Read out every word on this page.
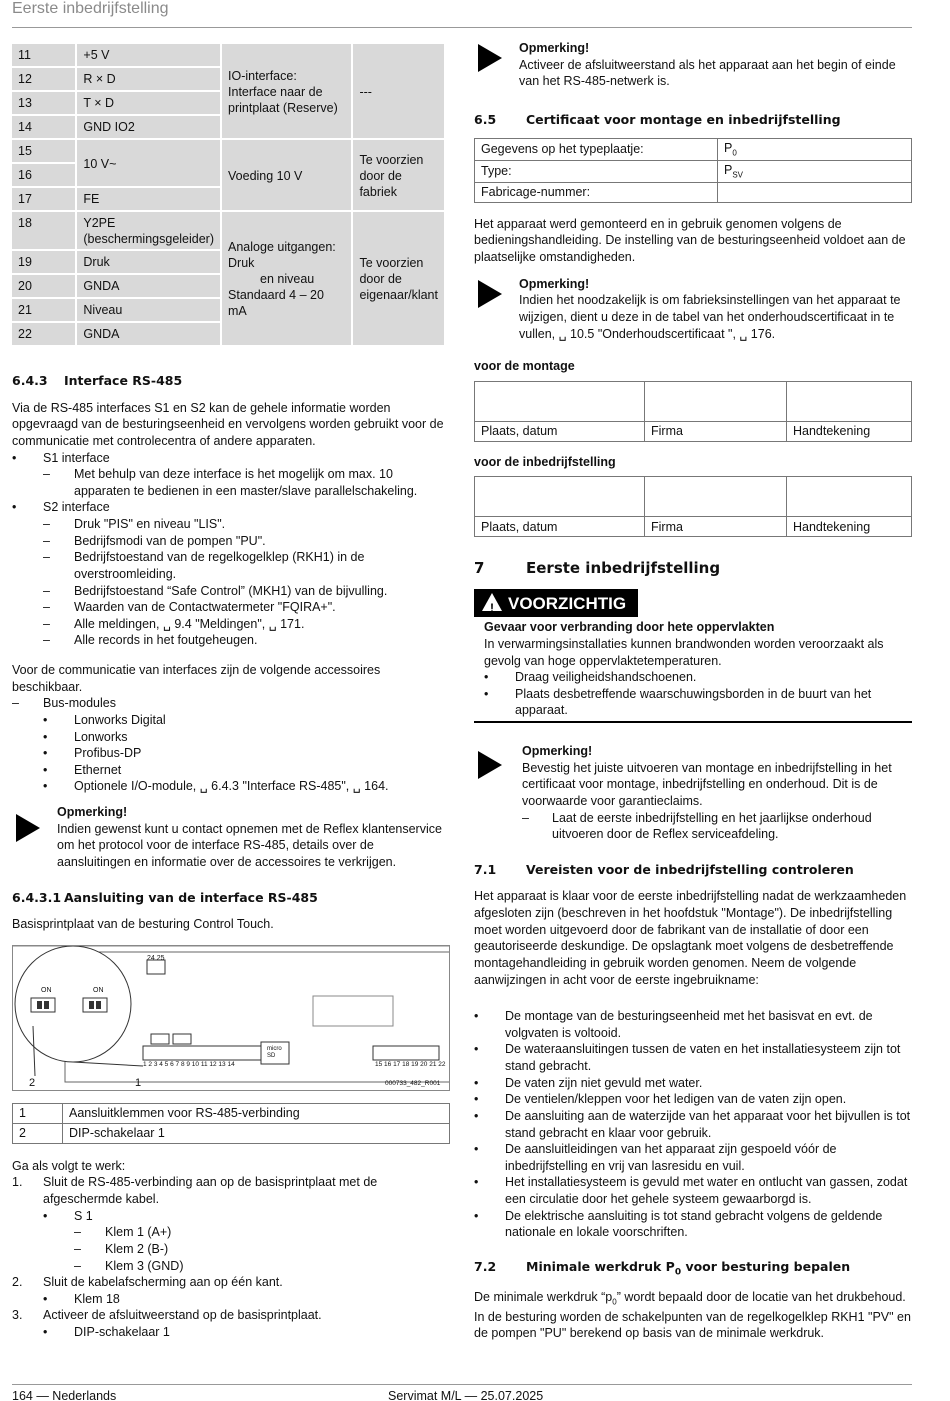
Eerste inbedrijfstelling
11	+5 V	IO-interface: Interface naar de printplaat (Reserve)	---
12	R × D		
13	T × D		
14	GND IO2		
15	10 V~	Voeding 10 V	Te voorzien door de fabriek
16			
17	FE		
18	Y2PE (beschermingsgeleider)	Analoge uitgangen: Druk
en niveau
Standaard 4 – 20 mA	Te voorzien door de eigenaar/klant
19	Druk		
20	GNDA		
21	Niveau		
22	GNDA		
6.4.3 Interface RS-485

Via de RS-485 interfaces S1 en S2 kan de gehele informatie worden opgevraagd van de besturingseenheid en vervolgens worden gebruikt voor de communicatie met controlecentra of andere apparaten.

• S1 interface
– Met behulp van deze interface is het mogelijk om max. 10 apparaten te bedienen in een master/slave parallelschakeling.
• S2 interface
– Druk "PIS" en niveau "LIS".
– Bedrijfsmodi van de pompen "PU".
– Bedrijfstoestand van de regelkogelklep (RKH1) in de overstroomleiding.
– Bedrijfstoestand “Safe Control” (MKH1) van de bijvulling.
– Waarden van de Contactwatermeter "FQIRA+".
– Alle meldingen, ␣ 9.4 "Meldingen", ␣ 171.
– Alle records in het foutgeheugen.

Voor de communicatie van interfaces zijn de volgende accessoires beschikbaar.

– Bus-modules
• Lonworks Digital
• Lonworks
• Profibus-DP
• Ethernet
• Optionele I/O-module, ␣ 6.4.3 "Interface RS-485", ␣ 164.
Opmerking!
Indien gewenst kunt u contact opnemen met de Reflex klantenservice om het protocol voor de interface RS-485, details over de aansluitingen en informatie over de accessoires te verkrijgen.
6.4.3.1 Aansluiting van de interface RS-485

Basisprintplaat van de besturing Control Touch.

24 25
ON	ON
micro SD
1 2 3 4 5 6 7 8 9 10 11 12 13 14	15 16 17 18 19 20 21 22
2	1	000733_482_R001
1	Aansluitklemmen voor RS-485-verbinding
2	DIP-schakelaar 1

Ga als volgt te werk:

1. Sluit de RS-485-verbinding aan op de basisprintplaat met de afgeschermde kabel.
• S 1
– Klem 1 (A+)
– Klem 2 (B-)
– Klem 3 (GND)
2. Sluit de kabelafscherming aan op één kant.
• Klem 18
3. Activeer de afsluitweerstand op de basisprintplaat.
• DIP-schakelaar 1
Opmerking!
Activeer de afsluitweerstand als het apparaat aan het begin of einde van het RS-485-netwerk is.
6.5 Certificaat voor montage en inbedrijfstelling
Gegevens op het typeplaatje:	$P_0$
Type:	$P_{SV}$
Fabricage-nummer:	

Het apparaat werd gemonteerd en in gebruik genomen volgens de bedieningshandleiding. De instelling van de besturingseenheid voldoet aan de plaatselijke omstandigheden.

Opmerking!
Indien het noodzakelijk is om fabrieksinstellingen van het apparaat te wijzigen, dient u deze in de tabel van het onderhoudscertificaat in te vullen, ␣ 10.5 "Onderhoudscertificaat ", ␣ 176.
voor de montage

Plaats, datum	Firma	Handtekening
voor de inbedrijfstelling

Plaats, datum	Firma	Handtekening
7	Eerste inbedrijfstelling
! VOORZICHTIG
Gevaar voor verbranding door hete oppervlakten
In verwarmingsinstallaties kunnen brandwonden worden veroorzaakt als gevolg van hoge oppervlaktetemperaturen.
• Draag veiligheidshandschoenen.
• Plaats desbetreffende waarschuwingsborden in de buurt van het apparaat.
Opmerking!
Bevestig het juiste uitvoeren van montage en inbedrijfstelling in het certificaat voor montage, inbedrijfstelling en onderhoud. Dit is de voorwaarde voor garantieclaims.
– Laat de eerste inbedrijfstelling en het jaarlijkse onderhoud uitvoeren door de Reflex serviceafdeling.
7.1 Vereisten voor de inbedrijfstelling controleren

Het apparaat is klaar voor de eerste inbedrijfstelling nadat de werkzaamheden afgesloten zijn (beschreven in het hoofdstuk "Montage"). De inbedrijfstelling moet worden uitgevoerd door de fabrikant van de installatie of door een geautoriseerde deskundige. De opslagtank moet volgens de desbetreffende montagehandleiding in gebruik worden genomen. Neem de volgende aanwijzingen in acht voor de eerste ingebruikname:

• De montage van de besturingseenheid met het basisvat en evt. de volgvaten is voltooid.
• De wateraansluitingen tussen de vaten en het installatiesysteem zijn tot stand gebracht.
• De vaten zijn niet gevuld met water.
• De ventielen/kleppen voor het ledigen van de vaten zijn open.
• De aansluiting aan de waterzijde van het apparaat voor het bijvullen is tot stand gebracht en klaar voor gebruik.
• De aansluitleidingen van het apparaat zijn gespoeld vóór de inbedrijfstelling en vrij van lasresidu en vuil.
• Het installatiesysteem is gevuld met water en ontlucht van gassen, zodat een circulatie door het gehele systeem gewaarborgd is.
• De elektrische aansluiting is tot stand gebracht volgens de geldende nationale en lokale voorschriften.
7.2 Minimale werkdruk $P_0$ voor besturing bepalen

De minimale werkdruk “$p_0$” wordt bepaald door de locatie van het drukbehoud. In de besturing worden de schakelpunten van de regelkogelklep RKH1 "PV" en de pompen "PU" berekend op basis van de minimale werkdruk.

164 — Nederlands	Servimat M/L — 25.07.2025
